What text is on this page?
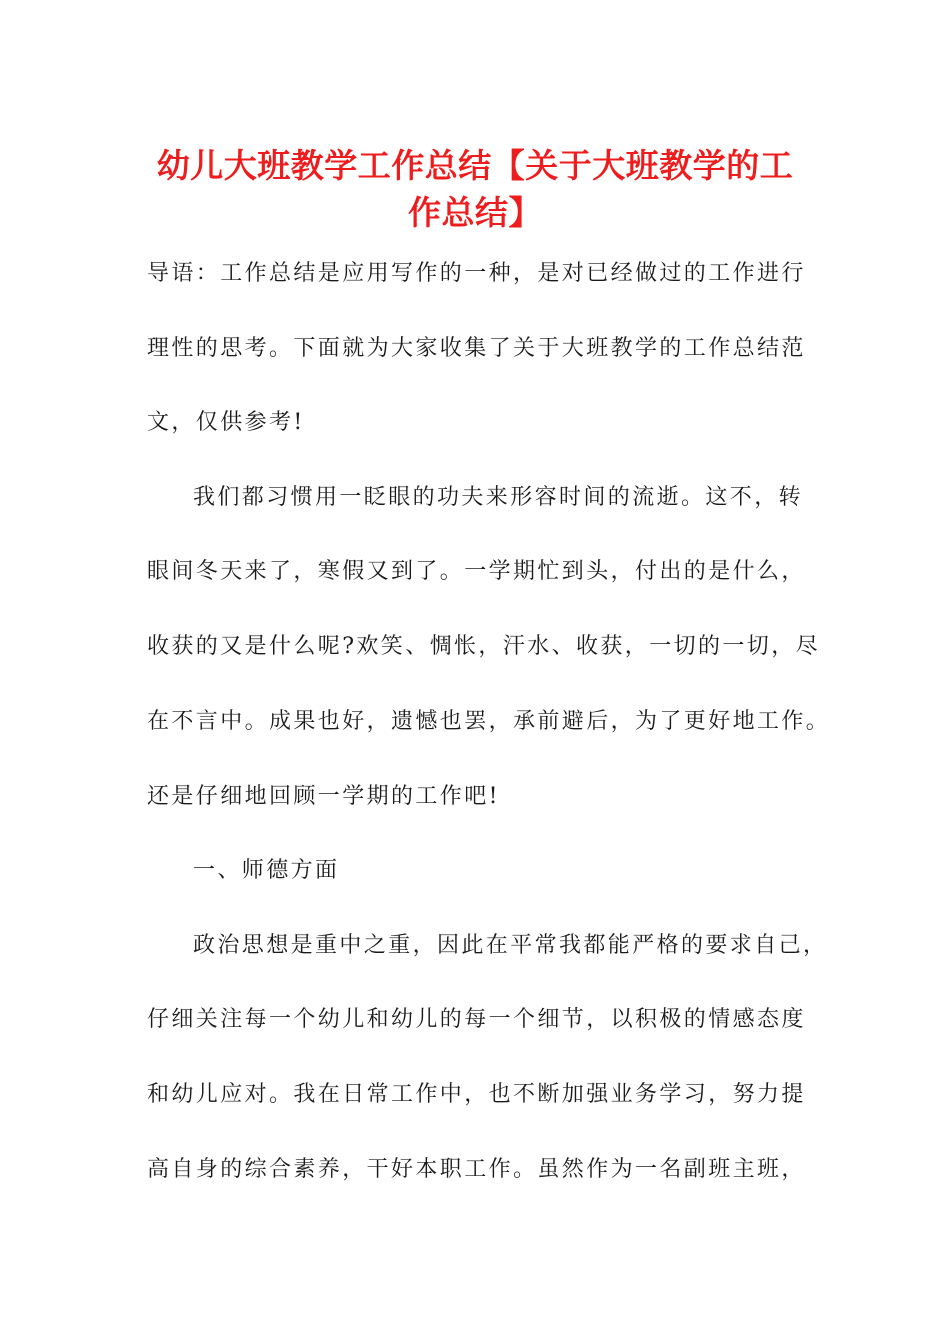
幼儿大班教学工作总结【关于大班教学的工
作总结】

导语：工作总结是应用写作的一种，是对已经做过的工作进行

理性的思考。下面就为大家收集了关于大班教学的工作总结范

文，仅供参考!

我们都习惯用一眨眼的功夫来形容时间的流逝。这不，转

眼间冬天来了，寒假又到了。一学期忙到头，付出的是什么，

收获的又是什么呢?欢笑、惆怅，汗水、收获，一切的一切，尽

在不言中。成果也好，遗憾也罢，承前避后，为了更好地工作。

还是仔细地回顾一学期的工作吧!

一、师德方面

政治思想是重中之重，因此在平常我都能严格的要求自己，

仔细关注每一个幼儿和幼儿的每一个细节，以积极的情感态度

和幼儿应对。我在日常工作中，也不断加强业务学习，努力提

高自身的综合素养，干好本职工作。虽然作为一名副班主班，
